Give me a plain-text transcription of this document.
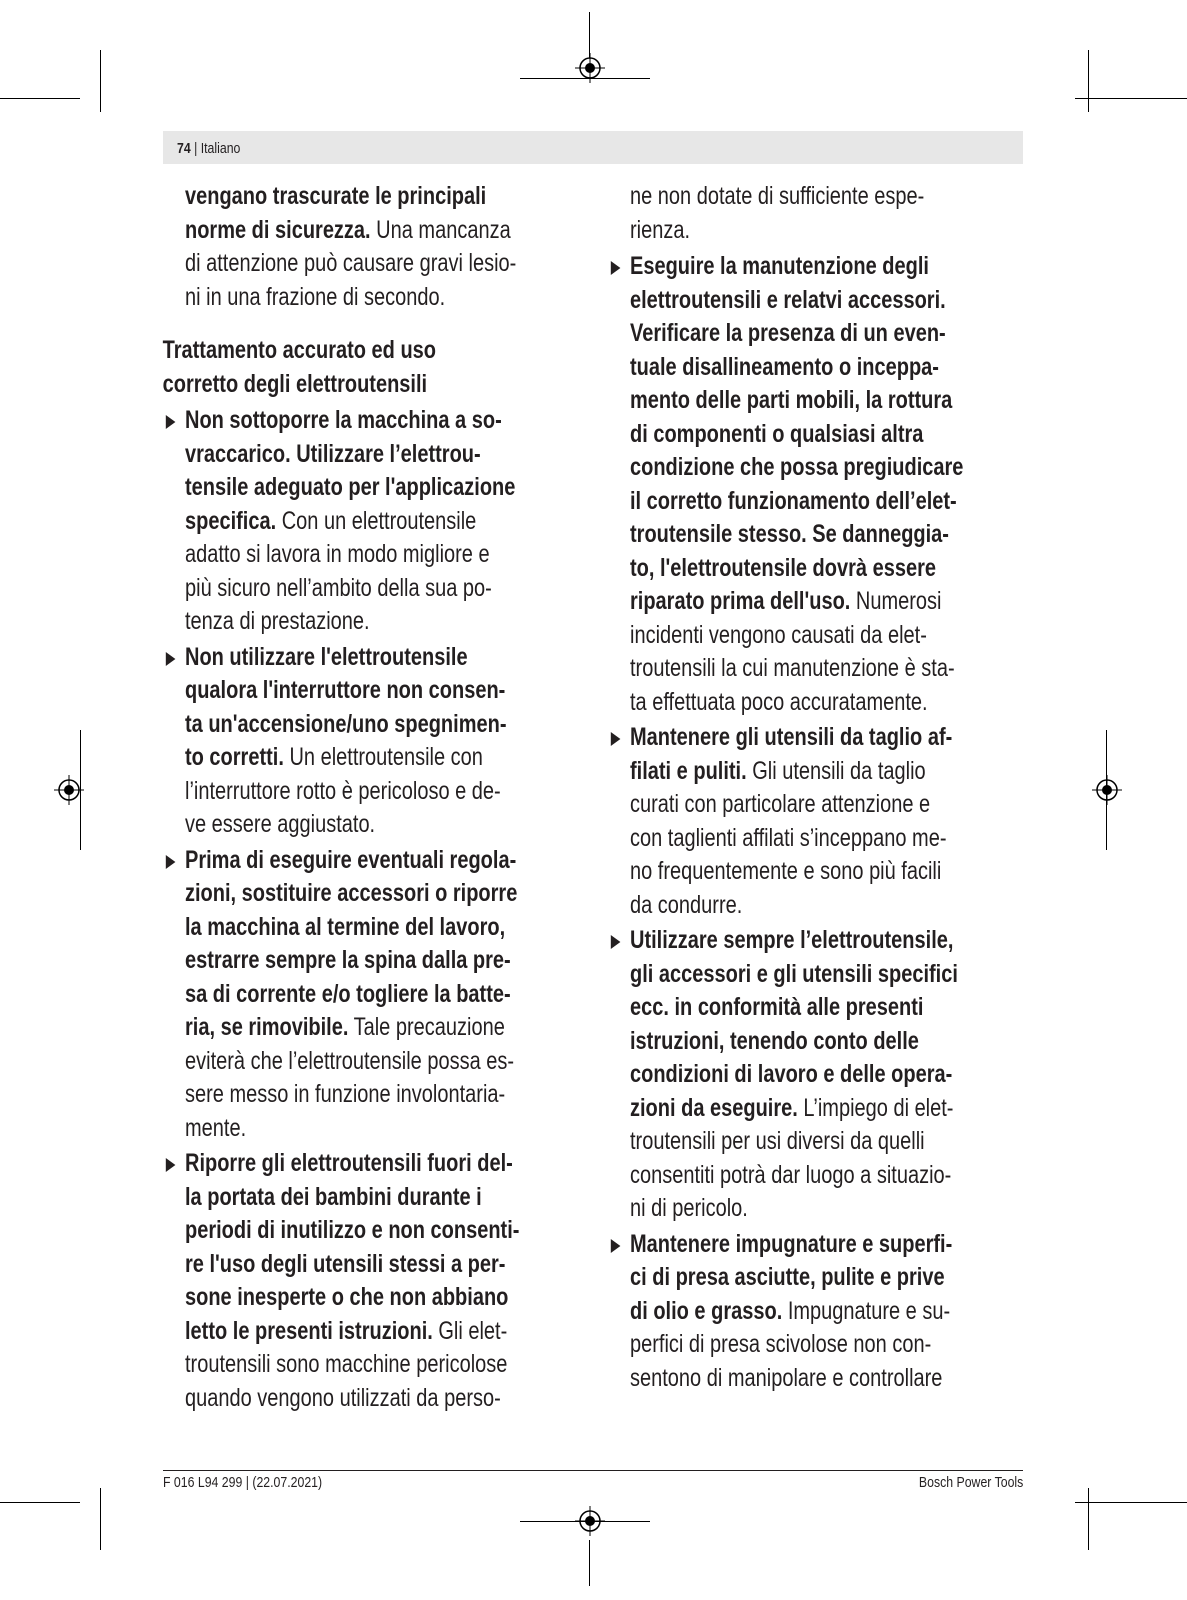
74 | Italiano
vengano trascurate le principali
norme di sicurezza. Una mancanza
di attenzione può causare gravi lesio-
ni in una frazione di secondo.
Trattamento accurato ed uso
corretto degli elettroutensili
Non sottoporre la macchina a so-
vraccarico. Utilizzare l’elettrou-
tensile adeguato per l'applicazione
specifica. Con un elettroutensile
adatto si lavora in modo migliore e
più sicuro nell’ambito della sua po-
tenza di prestazione.
Non utilizzare l'elettroutensile
qualora l'interruttore non consen-
ta un'accensione/uno spegnimen-
to corretti. Un elettroutensile con
l’interruttore rotto è pericoloso e de-
ve essere aggiustato.
Prima di eseguire eventuali regola-
zioni, sostituire accessori o riporre
la macchina al termine del lavoro,
estrarre sempre la spina dalla pre-
sa di corrente e/o togliere la batte-
ria, se rimovibile. Tale precauzione
eviterà che l’elettroutensile possa es-
sere messo in funzione involontaria-
mente.
Riporre gli elettroutensili fuori del-
la portata dei bambini durante i
periodi di inutilizzo e non consenti-
re l'uso degli utensili stessi a per-
sone inesperte o che non abbiano
letto le presenti istruzioni. Gli elet-
troutensili sono macchine pericolose
quando vengono utilizzati da perso-
ne non dotate di sufficiente espe-
rienza.
Eseguire la manutenzione degli
elettroutensili e relatvi accessori.
Verificare la presenza di un even-
tuale disallineamento o inceppa-
mento delle parti mobili, la rottura
di componenti o qualsiasi altra
condizione che possa pregiudicare
il corretto funzionamento dell’elet-
troutensile stesso. Se danneggia-
to, l'elettroutensile dovrà essere
riparato prima dell'uso. Numerosi
incidenti vengono causati da elet-
troutensili la cui manutenzione è sta-
ta effettuata poco accuratamente.
Mantenere gli utensili da taglio af-
filati e puliti. Gli utensili da taglio
curati con particolare attenzione e
con taglienti affilati s’inceppano me-
no frequentemente e sono più facili
da condurre.
Utilizzare sempre l’elettroutensile,
gli accessori e gli utensili specifici
ecc. in conformità alle presenti
istruzioni, tenendo conto delle
condizioni di lavoro e delle opera-
zioni da eseguire. L’impiego di elet-
troutensili per usi diversi da quelli
consentiti potrà dar luogo a situazio-
ni di pericolo.
Mantenere impugnature e superfi-
ci di presa asciutte, pulite e prive
di olio e grasso. Impugnature e su-
perfici di presa scivolose non con-
sentono di manipolare e controllare
F 016 L94 299 | (22.07.2021)	Bosch Power Tools
